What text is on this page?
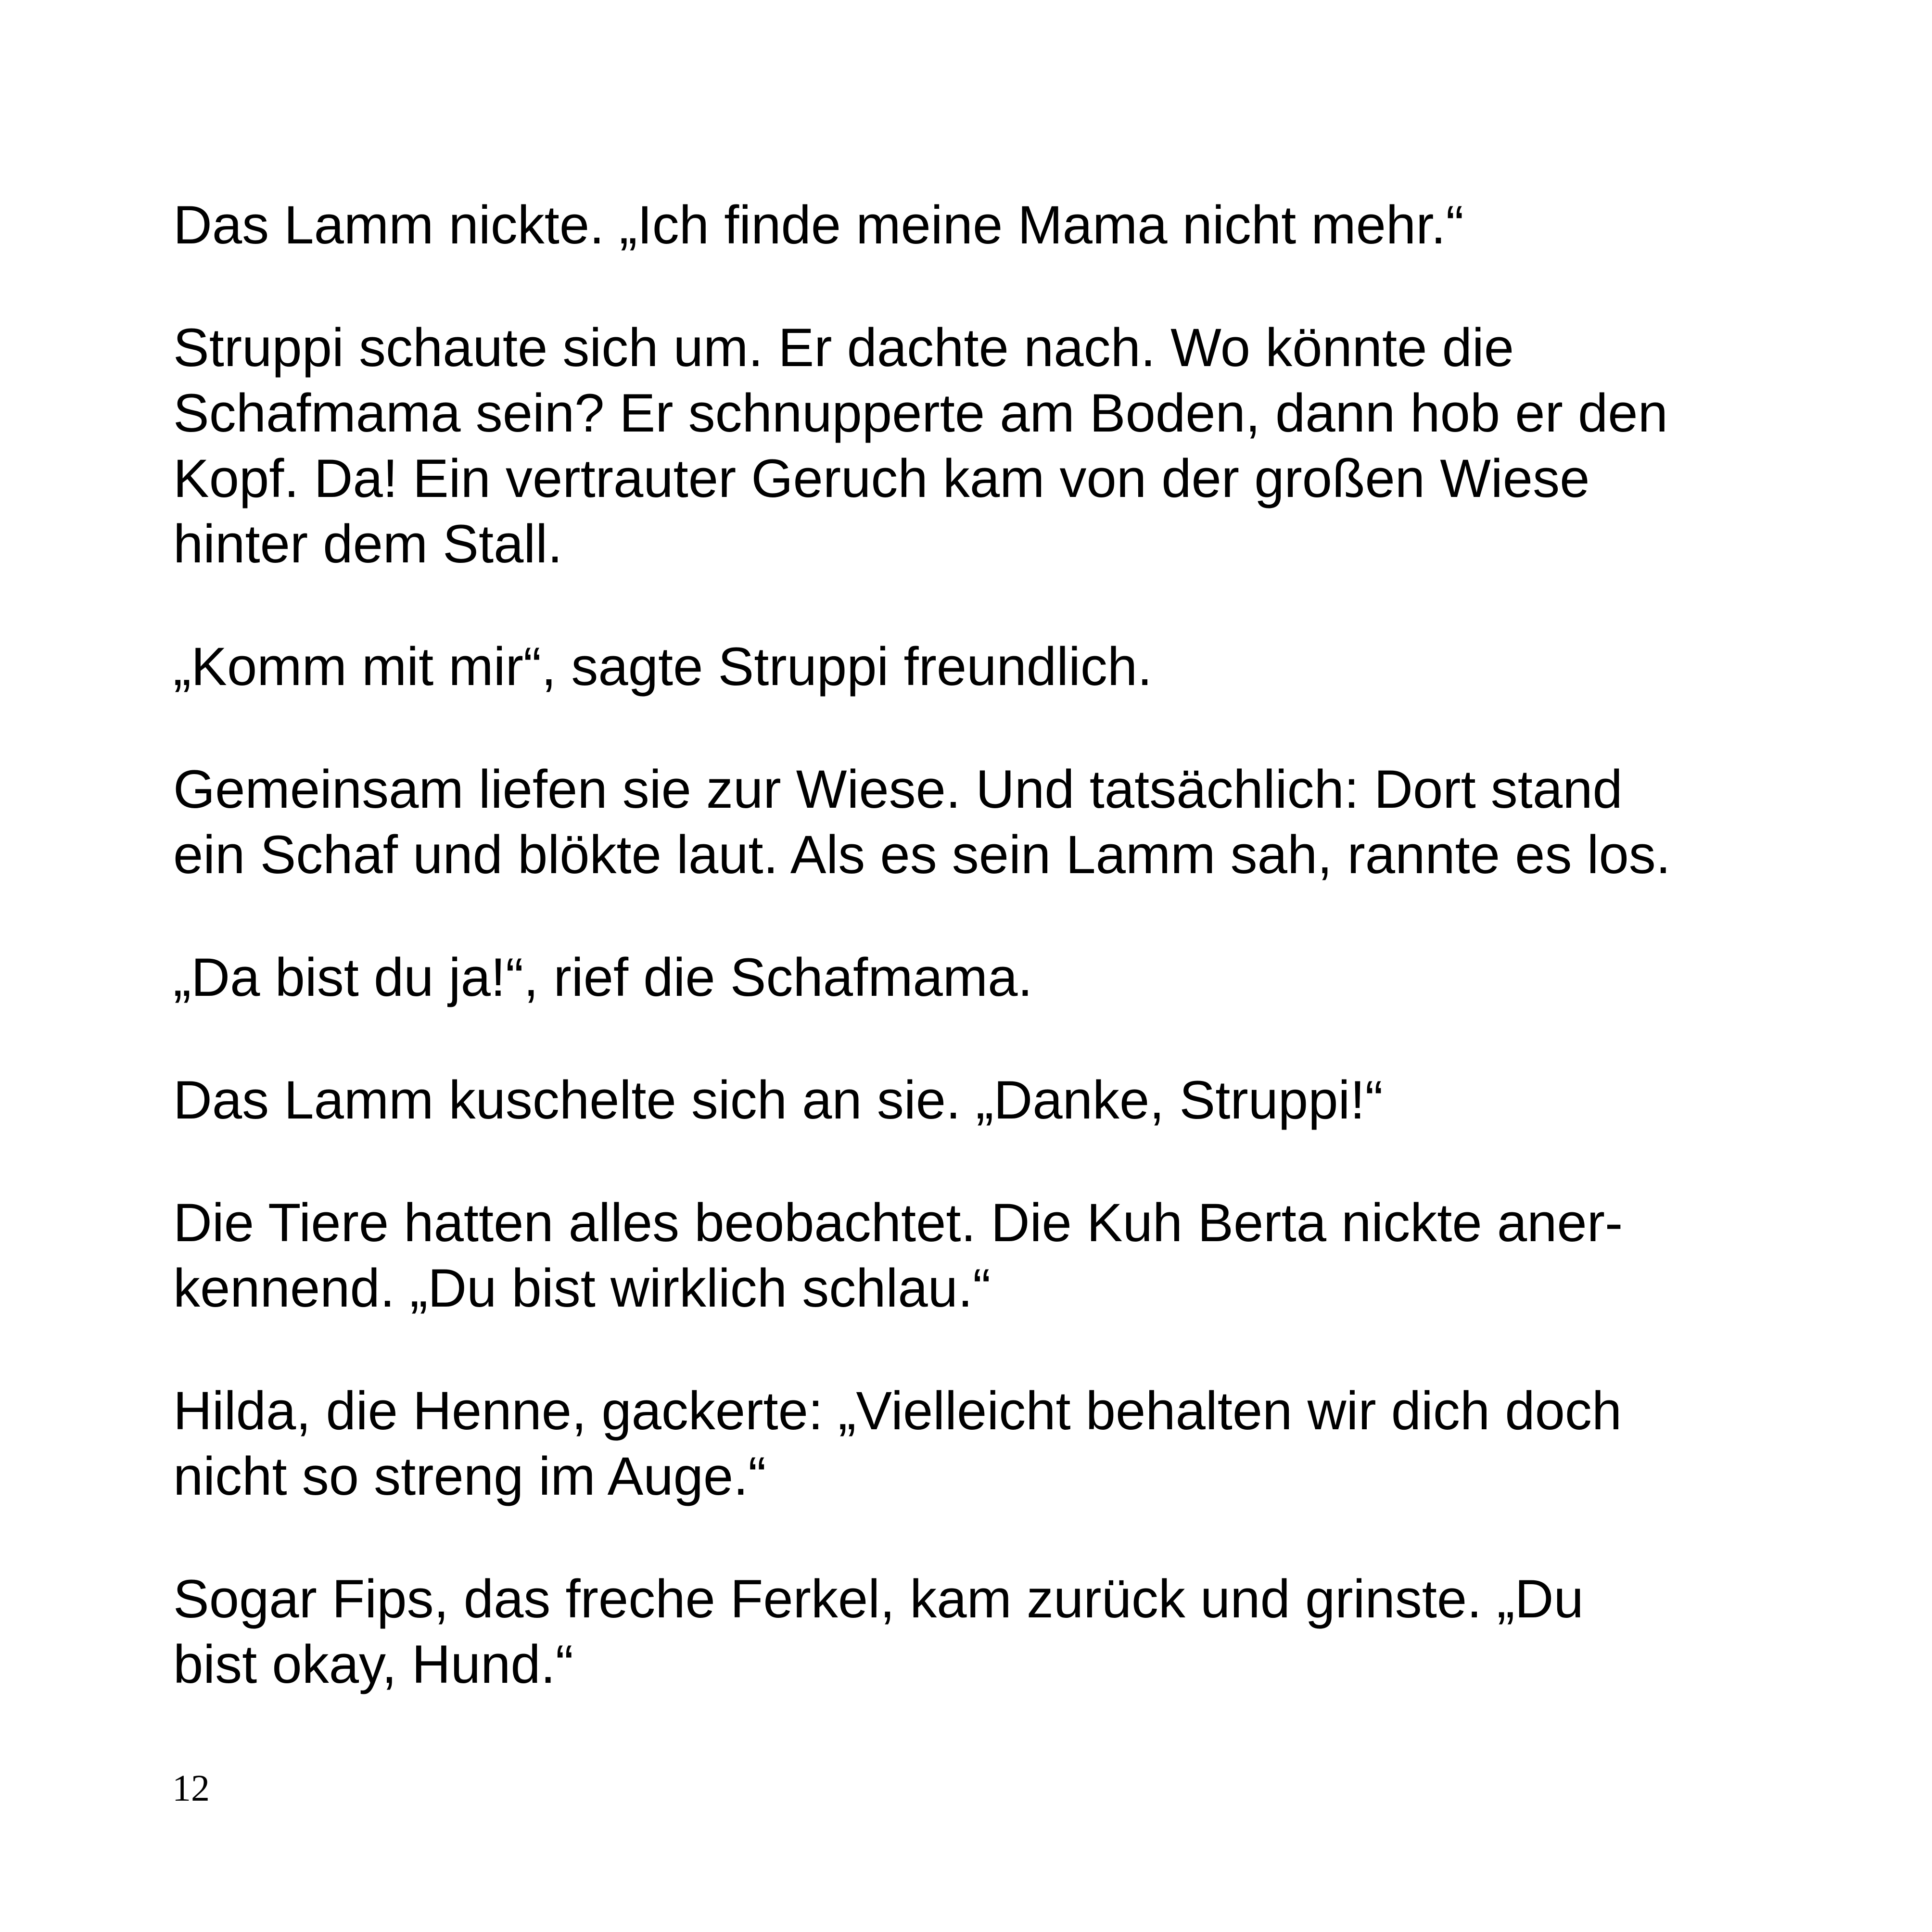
Das Lamm nickte. „Ich finde meine Mama nicht mehr.“

Struppi schaute sich um. Er dachte nach. Wo könnte die
Schafmama sein? Er schnupperte am Boden, dann hob er den
Kopf. Da! Ein vertrauter Geruch kam von der großen Wiese
hinter dem Stall.

„Komm mit mir“, sagte Struppi freundlich.

Gemeinsam liefen sie zur Wiese. Und tatsächlich: Dort stand
ein Schaf und blökte laut. Als es sein Lamm sah, rannte es los.

„Da bist du ja!“, rief die Schafmama.

Das Lamm kuschelte sich an sie. „Danke, Struppi!“

Die Tiere hatten alles beobachtet. Die Kuh Berta nickte aner-
kennend. „Du bist wirklich schlau.“

Hilda, die Henne, gackerte: „Vielleicht behalten wir dich doch
nicht so streng im Auge.“

Sogar Fips, das freche Ferkel, kam zurück und grinste. „Du
bist okay, Hund.“

12
